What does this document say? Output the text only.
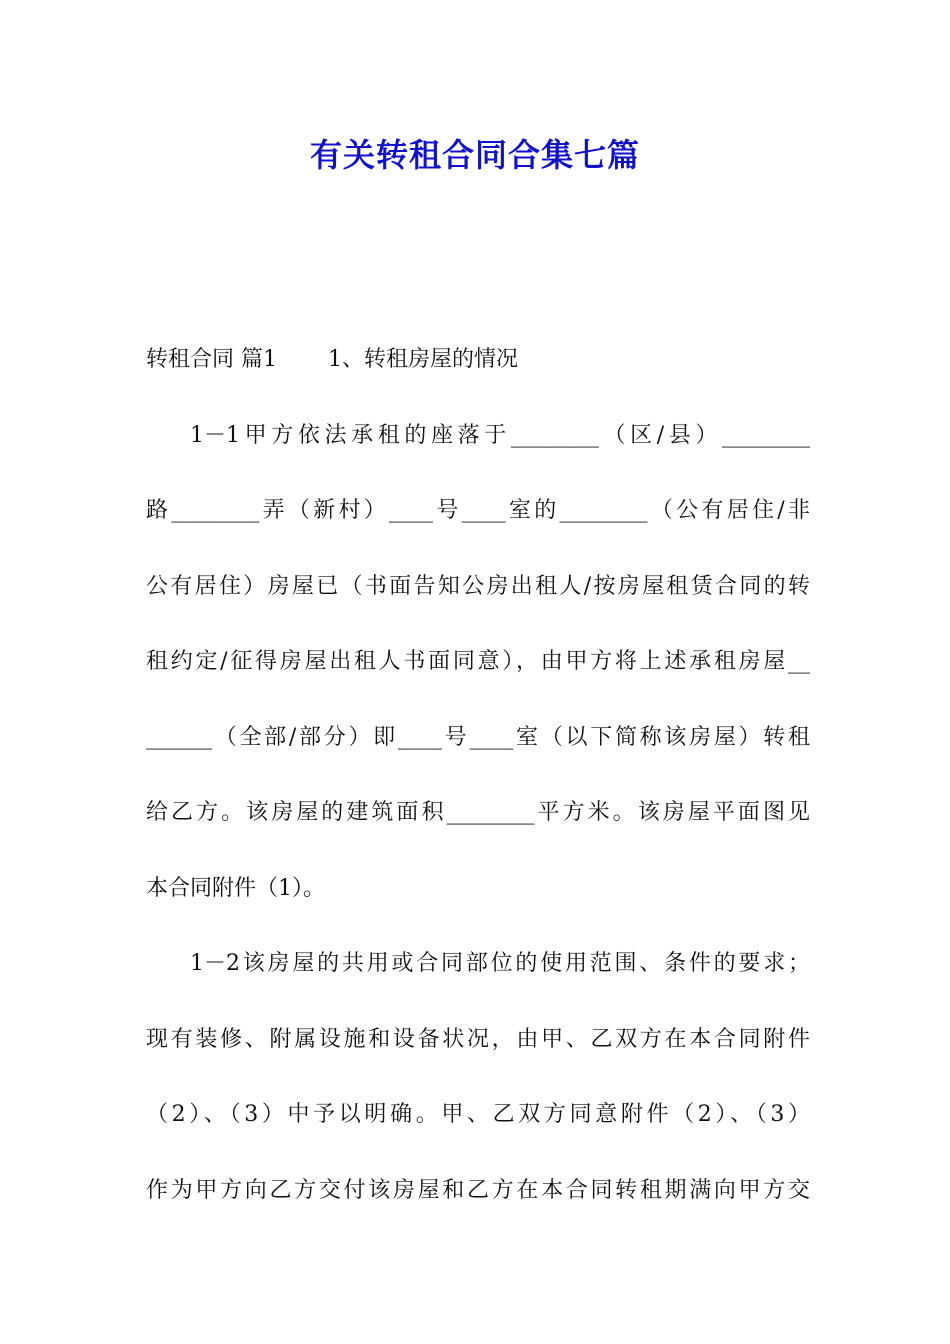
有关转租合同合集七篇
转租合同 篇1　　 1、转租房屋的情况
1－1甲方依法承租的座落于________（区/县）________
路________弄（新村）____号____室的________（公有居住/非
公有居住）房屋已（书面告知公房出租人/按房屋租赁合同的转
租约定/征得房屋出租人书面同意），由甲方将上述承租房屋__
______（全部/部分）即____号____室（以下简称该房屋）转租
给乙方。该房屋的建筑面积________平方米。该房屋平面图见
本合同附件（1）。
1－2该房屋的共用或合同部位的使用范围、条件的要求；
现有装修、附属设施和设备状况，由甲、乙双方在本合同附件
（2）、（3）中予以明确。甲、乙双方同意附件（2）、（3）
作为甲方向乙方交付该房屋和乙方在本合同转租期满向甲方交
